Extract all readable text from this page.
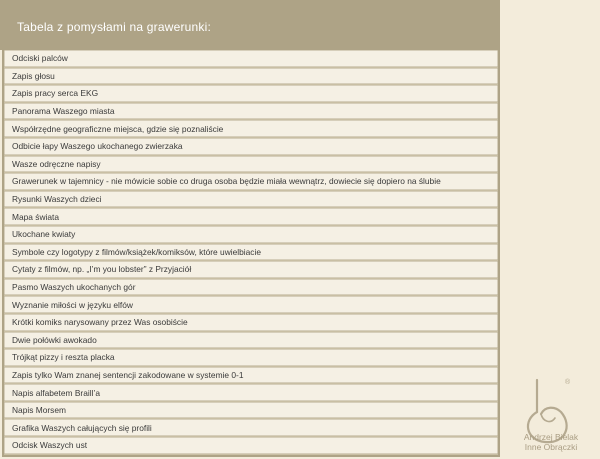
Tabela z pomysłami na grawerunki:
Odciski palców
Zapis głosu
Zapis pracy serca EKG
Panorama Waszego miasta
Współrzędne geograficzne miejsca, gdzie się poznaliście
Odbicie łapy Waszego ukochanego zwierzaka
Wasze odręczne napisy
Grawerunek w tajemnicy - nie mówicie sobie co druga osoba będzie miała wewnątrz, dowiecie się dopiero na ślubie
Rysunki Waszych dzieci
Mapa świata
Ukochane kwiaty
Symbole czy logotypy z filmów/książek/komiksów, które uwielbiacie
Cytaty z filmów, np. „I’m you lobster” z Przyjaciół
Pasmo Waszych ukochanych gór
Wyznanie miłości w języku elfów
Krótki komiks narysowany przez Was osobiście
Dwie połówki awokado
Trójkąt pizzy i reszta placka
Zapis tylko Wam znanej sentencji zakodowane w systemie 0-1
Napis alfabetem Braill’a
Napis Morsem
Grafika Waszych całujących się profili
Odcisk Waszych ust
®
Andrzej Bielak
Inne Obrączki
